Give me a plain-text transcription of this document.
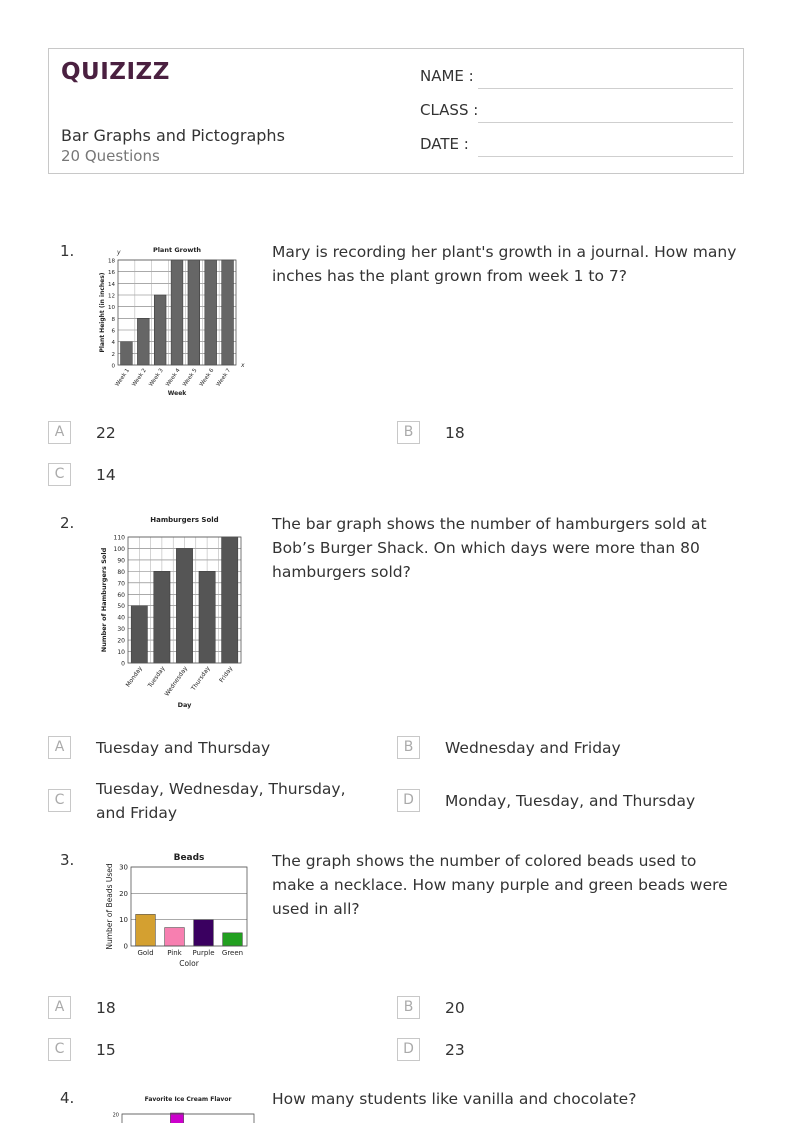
QUIZIZZ
Bar Graphs and Pictographs
20 Questions
NAME :
CLASS :
DATE :
1.	Mary is recording her plant's growth in a journal. How many inches has the plant grown from week 1 to 7?
0
2
4
6
8
10
12
14
16
18
Week 1 Week 2 Week 3 Week 4 Week 5 Week 6 Week 7
Plant Growth
Week
Plant Height (in inches)
y
x
A	22	B	18
C	14
2.	The bar graph shows the number of hamburgers sold at Bob’s Burger Shack. On which days were more than 80 hamburgers sold?
0
10
20
30
40
50
60
70
80
90
100
110
Monday Tuesday
Wednesday Thursday Friday
Hamburgers Sold
Day
Number of Hamburgers Sold
A	Tuesday and Thursday	B	Wednesday and Friday
C
Tuesday, Wednesday, Thursday, and Friday
D	Monday, Tuesday, and Thursday
3.	The graph shows the number of colored beads used to make a necklace. How many purple and green beads were used in all?
0
10
20
30
Gold Pink Purple Green
Beads
Color
Number of Beads Used
A	18	B	20
C	15	D	23
4.	How many students like vanilla and chocolate?
20
Favorite Ice Cream Flavor
